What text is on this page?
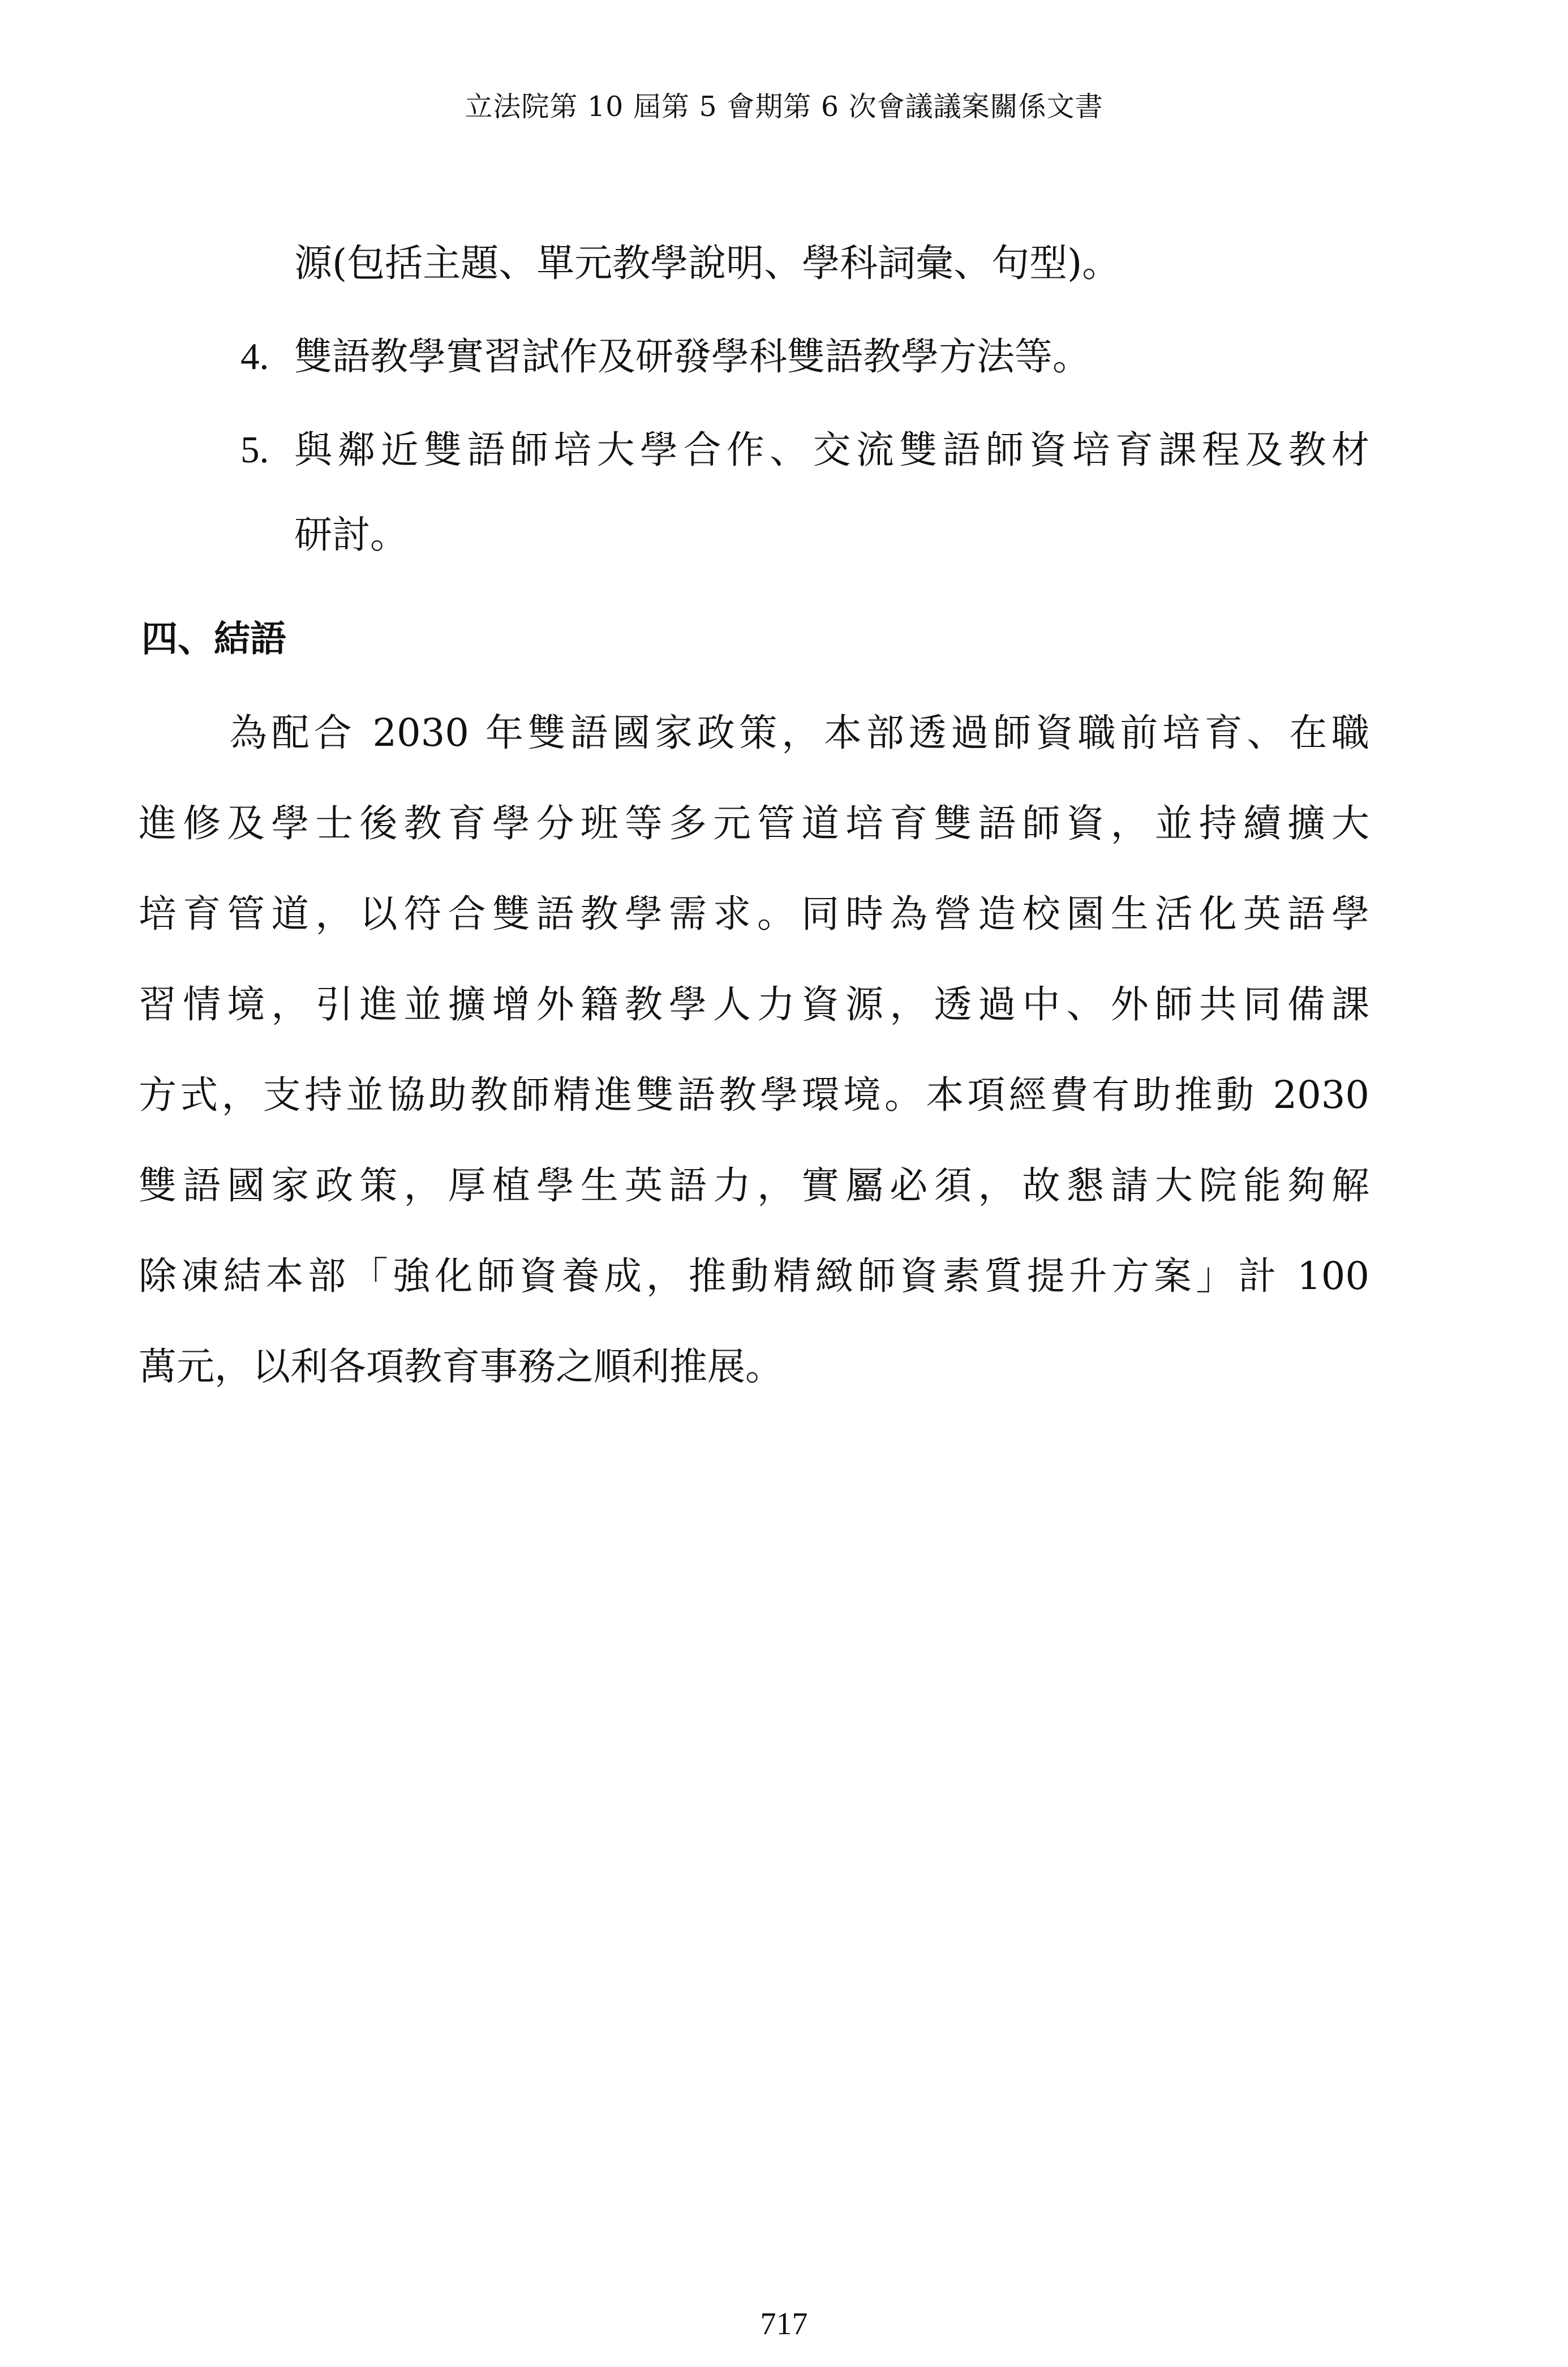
立法院第 10 屆第 5 會期第 6 次會議議案關係文書
源(包括主題、單元教學說明、學科詞彙、句型)。
4. 雙語教學實習試作及研發學科雙語教學方法等。
5. 與鄰近雙語師培大學合作、交流雙語師資培育課程及教材
研討。
四、結語
為配合 2030 年雙語國家政策，本部透過師資職前培育、在職
進修及學士後教育學分班等多元管道培育雙語師資，並持續擴大
培育管道，以符合雙語教學需求。同時為營造校園生活化英語學
習情境，引進並擴增外籍教學人力資源，透過中、外師共同備課
方式，支持並協助教師精進雙語教學環境。本項經費有助推動 2030
雙語國家政策，厚植學生英語力，實屬必須，故懇請大院能夠解
除凍結本部「強化師資養成，推動精緻師資素質提升方案」計 100
萬元，以利各項教育事務之順利推展。
717
